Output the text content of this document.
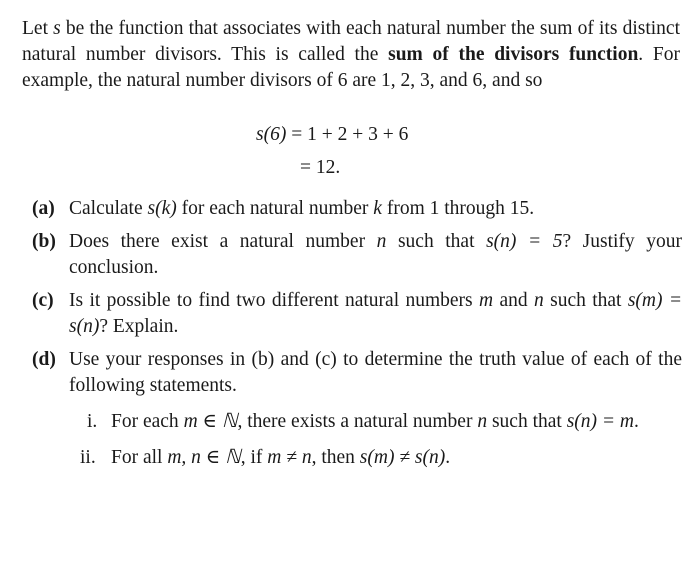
Let s be the function that associates with each natural number the sum of its distinct natural number divisors. This is called the sum of the divisors function. For example, the natural number divisors of 6 are 1, 2, 3, and 6, and so
s(6) = 1 + 2 + 3 + 6
= 12.
(a) Calculate s(k) for each natural number k from 1 through 15.
(b) Does there exist a natural number n such that s(n) = 5? Justify your conclusion.
(c) Is it possible to find two different natural numbers m and n such that s(m) = s(n)? Explain.
(d) Use your responses in (b) and (c) to determine the truth value of each of the following statements.
i. For each m ∈ ℕ, there exists a natural number n such that s(n) = m.
ii. For all m, n ∈ ℕ, if m ≠ n, then s(m) ≠ s(n).
